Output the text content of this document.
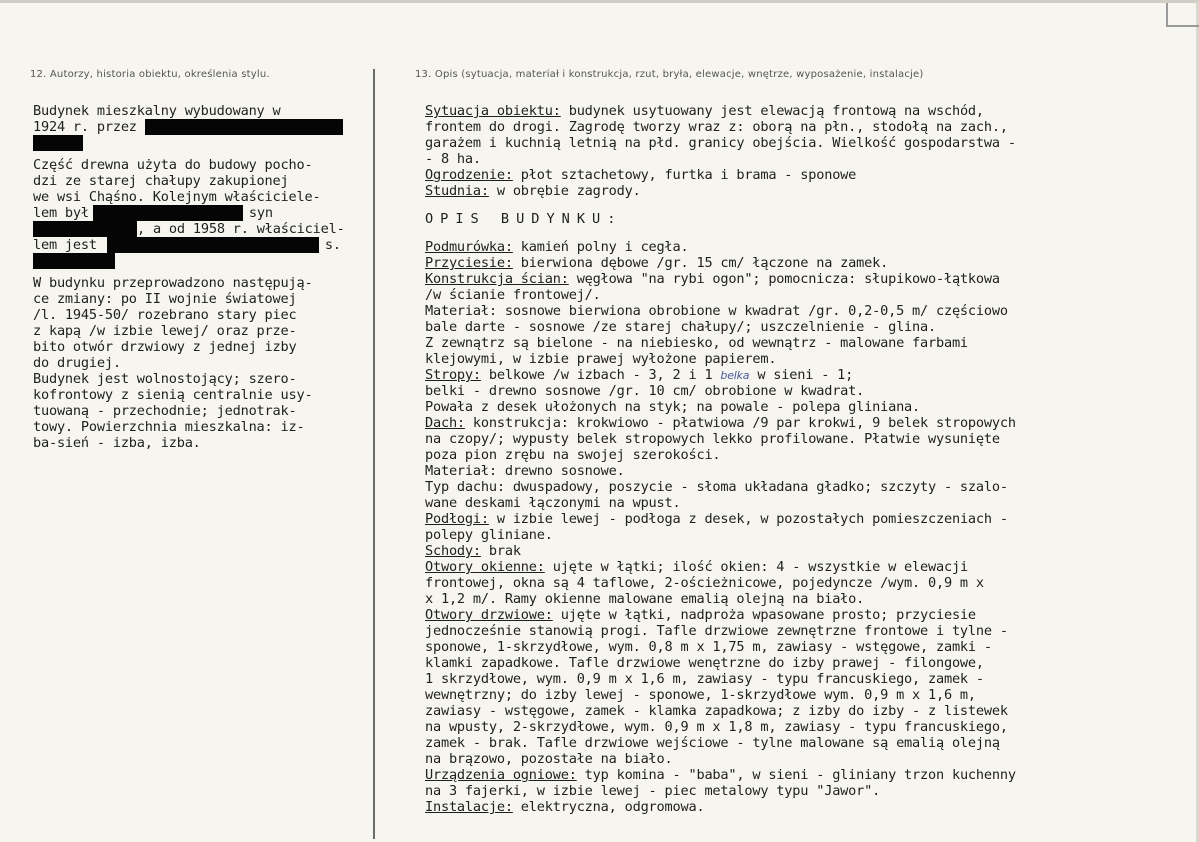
12. Autorzy, historia obiektu, określenia stylu.	13. Opis (sytuacja, materiał i konstrukcja, rzut, bryła, elewacje, wnętrze, wyposażenie, instalacje)
Budynek mieszkalny wybudowany w
1924 r. przez
Część drewna użyta do budowy pocho-
dzi ze starej chałupy zakupionej
we wsi Chąśno. Kolejnym właściciele-
lem był	syn
, a od 1958 r. właściciel-
lem jest	s.
W budynku przeprowadzono następują-
ce zmiany: po II wojnie światowej
/l. 1945-50/ rozebrano stary piec
z kapą /w izbie lewej/ oraz prze-
bito otwór drzwiowy z jednej izby
do drugiej.
Budynek jest wolnostojący; szero-
kofrontowy z sienią centralnie usy-
tuowaną - przechodnie; jednotrak-
towy. Powierzchnia mieszkalna: iz-
ba-sień - izba, izba.
Sytuacja obiektu: budynek usytuowany jest elewacją frontową na wschód,
frontem do drogi. Zagrodę tworzy wraz z: oborą na płn., stodołą na zach.,
garażem i kuchnią letnią na płd. granicy obejścia. Wielkość gospodarstwa -
- 8 ha.
Ogrodzenie: płot sztachetowy, furtka i brama - sponowe
Studnia: w obrębie zagrody.
OPIS BUDYNKU:
Podmurówka: kamień polny i cegła.
Przyciesie: bierwiona dębowe /gr. 15 cm/ łączone na zamek.
Konstrukcja ścian: węgłowa "na rybi ogon"; pomocnicza: słupikowo-łątkowa
/w ścianie frontowej/.
Materiał: sosnowe bierwiona obrobione w kwadrat /gr. 0,2-0,5 m/ częściowo
bale darte - sosnowe /ze starej chałupy/; uszczelnienie - glina.
Z zewnątrz są bielone - na niebiesko, od wewnątrz - malowane farbami
klejowymi, w izbie prawej wyłożone papierem.
Stropy: belkowe /w izbach - 3, 2 i 1 belka w sieni - 1;
belki - drewno sosnowe /gr. 10 cm/ obrobione w kwadrat.
Powała z desek ułożonych na styk; na powale - polepa gliniana.
Dach: konstrukcja: krokwiowo - płatwiowa /9 par krokwi, 9 belek stropowych
na czopy/; wypusty belek stropowych lekko profilowane. Płatwie wysunięte
poza pion zrębu na swojej szerokości.
Materiał: drewno sosnowe.
Typ dachu: dwuspadowy, poszycie - słoma układana gładko; szczyty - szalo-
wane deskami łączonymi na wpust.
Podłogi: w izbie lewej - podłoga z desek, w pozostałych pomieszczeniach -
polepy gliniane.
Schody: brak
Otwory okienne: ujęte w łątki; ilość okien: 4 - wszystkie w elewacji
frontowej, okna są 4 taflowe, 2-ościeżnicowe, pojedyncze /wym. 0,9 m x
x 1,2 m/. Ramy okienne malowane emalią olejną na biało.
Otwory drzwiowe: ujęte w łątki, nadproża wpasowane prosto; przyciesie
jednocześnie stanowią progi. Tafle drzwiowe zewnętrzne frontowe i tylne -
sponowe, 1-skrzydłowe, wym. 0,8 m x 1,75 m, zawiasy - wstęgowe, zamki -
klamki zapadkowe. Tafle drzwiowe wenętrzne do izby prawej - filongowe,
1 skrzydłowe, wym. 0,9 m x 1,6 m, zawiasy - typu francuskiego, zamek -
wewnętrzny; do izby lewej - sponowe, 1-skrzydłowe wym. 0,9 m x 1,6 m,
zawiasy - wstęgowe, zamek - klamka zapadkowa; z izby do izby - z listewek
na wpusty, 2-skrzydłowe, wym. 0,9 m x 1,8 m, zawiasy - typu francuskiego,
zamek - brak. Tafle drzwiowe wejściowe - tylne malowane są emalią olejną
na brązowo, pozostałe na biało.
Urządzenia ogniowe: typ komina - "baba", w sieni - gliniany trzon kuchenny
na 3 fajerki, w izbie lewej - piec metalowy typu "Jawor".
Instalacje: elektryczna, odgromowa.
